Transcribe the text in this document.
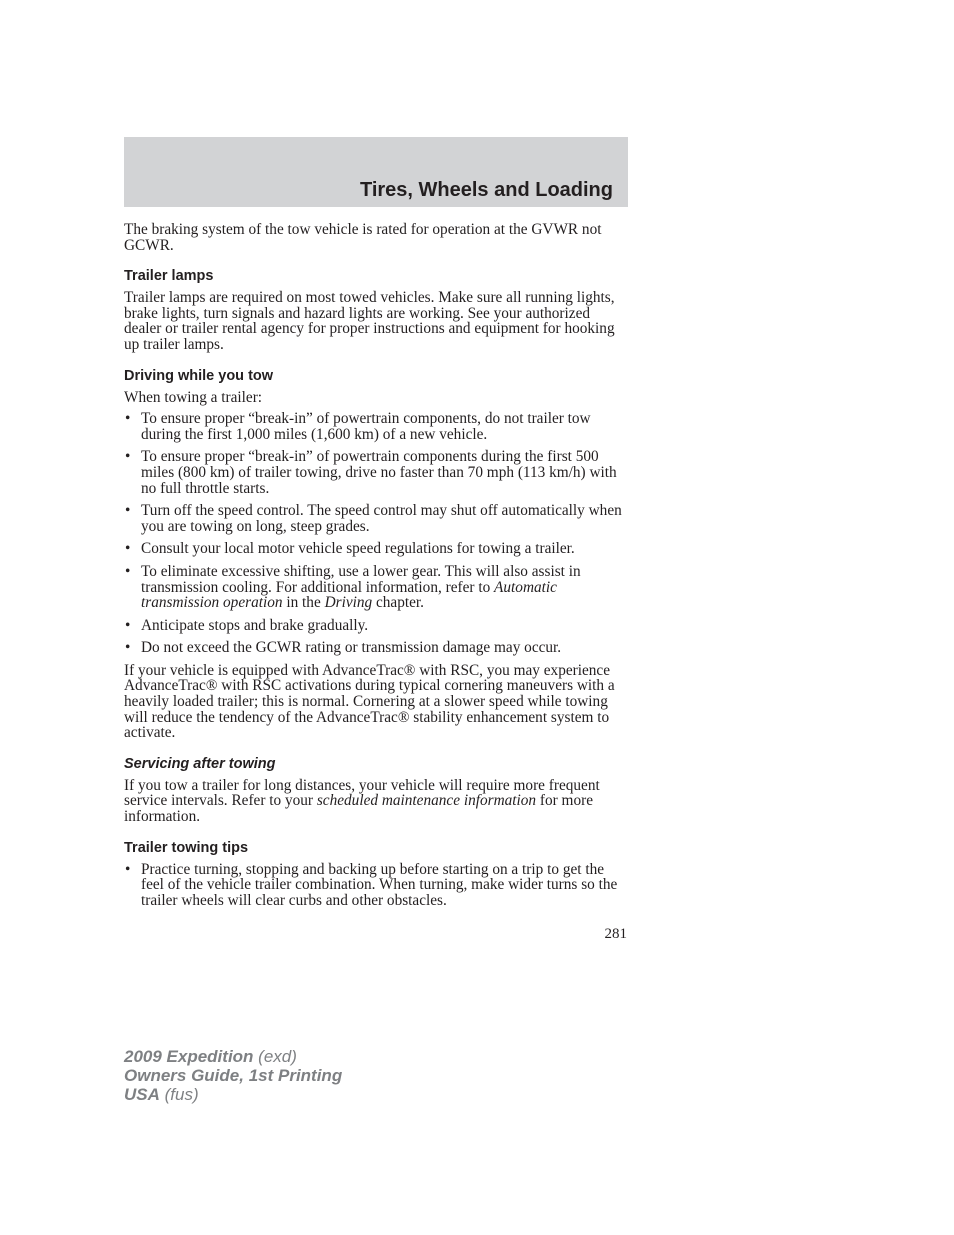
Tires, Wheels and Loading

The braking system of the tow vehicle is rated for operation at the GVWR not GCWR.

Trailer lamps

Trailer lamps are required on most towed vehicles. Make sure all running lights, brake lights, turn signals and hazard lights are working. See your authorized dealer or trailer rental agency for proper instructions and equipment for hooking up trailer lamps.

Driving while you tow

When towing a trailer:

• To ensure proper “break-in” of powertrain components, do not trailer tow during the first 1,000 miles (1,600 km) of a new vehicle.
• To ensure proper “break-in” of powertrain components during the first 500 miles (800 km) of trailer towing, drive no faster than 70 mph (113 km/h) with no full throttle starts.
• Turn off the speed control. The speed control may shut off automatically when you are towing on long, steep grades.
• Consult your local motor vehicle speed regulations for towing a trailer.
• To eliminate excessive shifting, use a lower gear. This will also assist in transmission cooling. For additional information, refer to Automatic transmission operation in the Driving chapter.
• Anticipate stops and brake gradually.
• Do not exceed the GCWR rating or transmission damage may occur.

If your vehicle is equipped with AdvanceTrac® with RSC, you may experience AdvanceTrac® with RSC activations during typical cornering maneuvers with a heavily loaded trailer; this is normal. Cornering at a slower speed while towing will reduce the tendency of the AdvanceTrac® stability enhancement system to activate.

Servicing after towing

If you tow a trailer for long distances, your vehicle will require more frequent service intervals. Refer to your scheduled maintenance information for more information.

Trailer towing tips
• Practice turning, stopping and backing up before starting on a trip to get the feel of the vehicle trailer combination. When turning, make wider turns so the trailer wheels will clear curbs and other obstacles.
281
2009 Expedition (exd)
Owners Guide, 1st Printing
USA (fus)
